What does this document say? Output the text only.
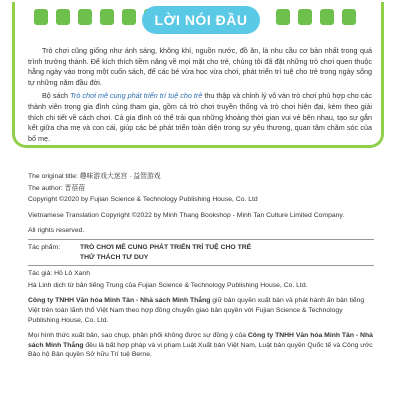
LỜI NÓI ĐẦU

Trò chơi cũng giống như ánh sáng, không khí, nguồn nước, đồ ăn, là nhu cầu cơ bản nhất trong quá trình trưởng thành. Để kích thích tiềm năng về mọi mặt cho trẻ, chúng tôi đã đặt những trò chơi quen thuộc hằng ngày vào trong một cuốn sách, để các bé vừa học vừa chơi, phát triển trí tuệ cho trẻ trong ngày sống tự những năm đầu đời.

Bộ sách Trò chơi mê cung phát triển trí tuệ cho trẻ thu thập và chỉnh lý vô vàn trò chơi phù hợp cho các thành viên trong gia đình cùng tham gia, gồm cả trò chơi truyền thống và trò chơi hiện đại, kèm theo giải thích chi tiết về cách chơi. Cả gia đình có thể trải qua những khoảng thời gian vui vẻ bên nhau, tạo sự gắn kết giữa cha mẹ và con cái, giúp các bé phát triển toàn diện trong sự yêu thương, quan tâm chăm sóc của bố mẹ.

The original title: 趣味游戏大迷宫 · 益智游戏

The author: 晋蓓蓓

Copyright ©2020 by Fujian Science & Technology Publishing House, Co. Ltd

Vietnamese Translation Copyright ©2022 by Minh Thang Bookshop - Minh Tan Culture Limited Company.

All rights reserved.

Tác phẩm:	TRÒ CHƠI MÊ CUNG PHÁT TRIỂN TRÍ TUỆ CHO TRẺ
THỬ THÁCH TƯ DUY

Tác giả: Hồ Lô Xanh

Hà Linh dịch từ bản tiếng Trung của Fujian Science & Technology Publishing House, Co. Ltd.

Công ty TNHH Văn hóa Minh Tân - Nhà sách Minh Thắng giữ bản quyền xuất bản và phát hành ấn bản tiếng Việt trên toàn lãnh thổ Việt Nam theo hợp đồng chuyển giao bản quyền với Fujian Science & Technology Publishing House, Co. Ltd.

Mọi hình thức xuất bản, sao chụp, phân phối không được sự đồng ý của Công ty TNHH Văn hóa Minh Tân - Nhà sách Minh Thắng đều là bất hợp pháp và vi phạm Luật Xuất bản Việt Nam, Luật bản quyền Quốc tế và Công ước Bảo hộ Bản quyền Sở hữu Trí tuệ Berne.
